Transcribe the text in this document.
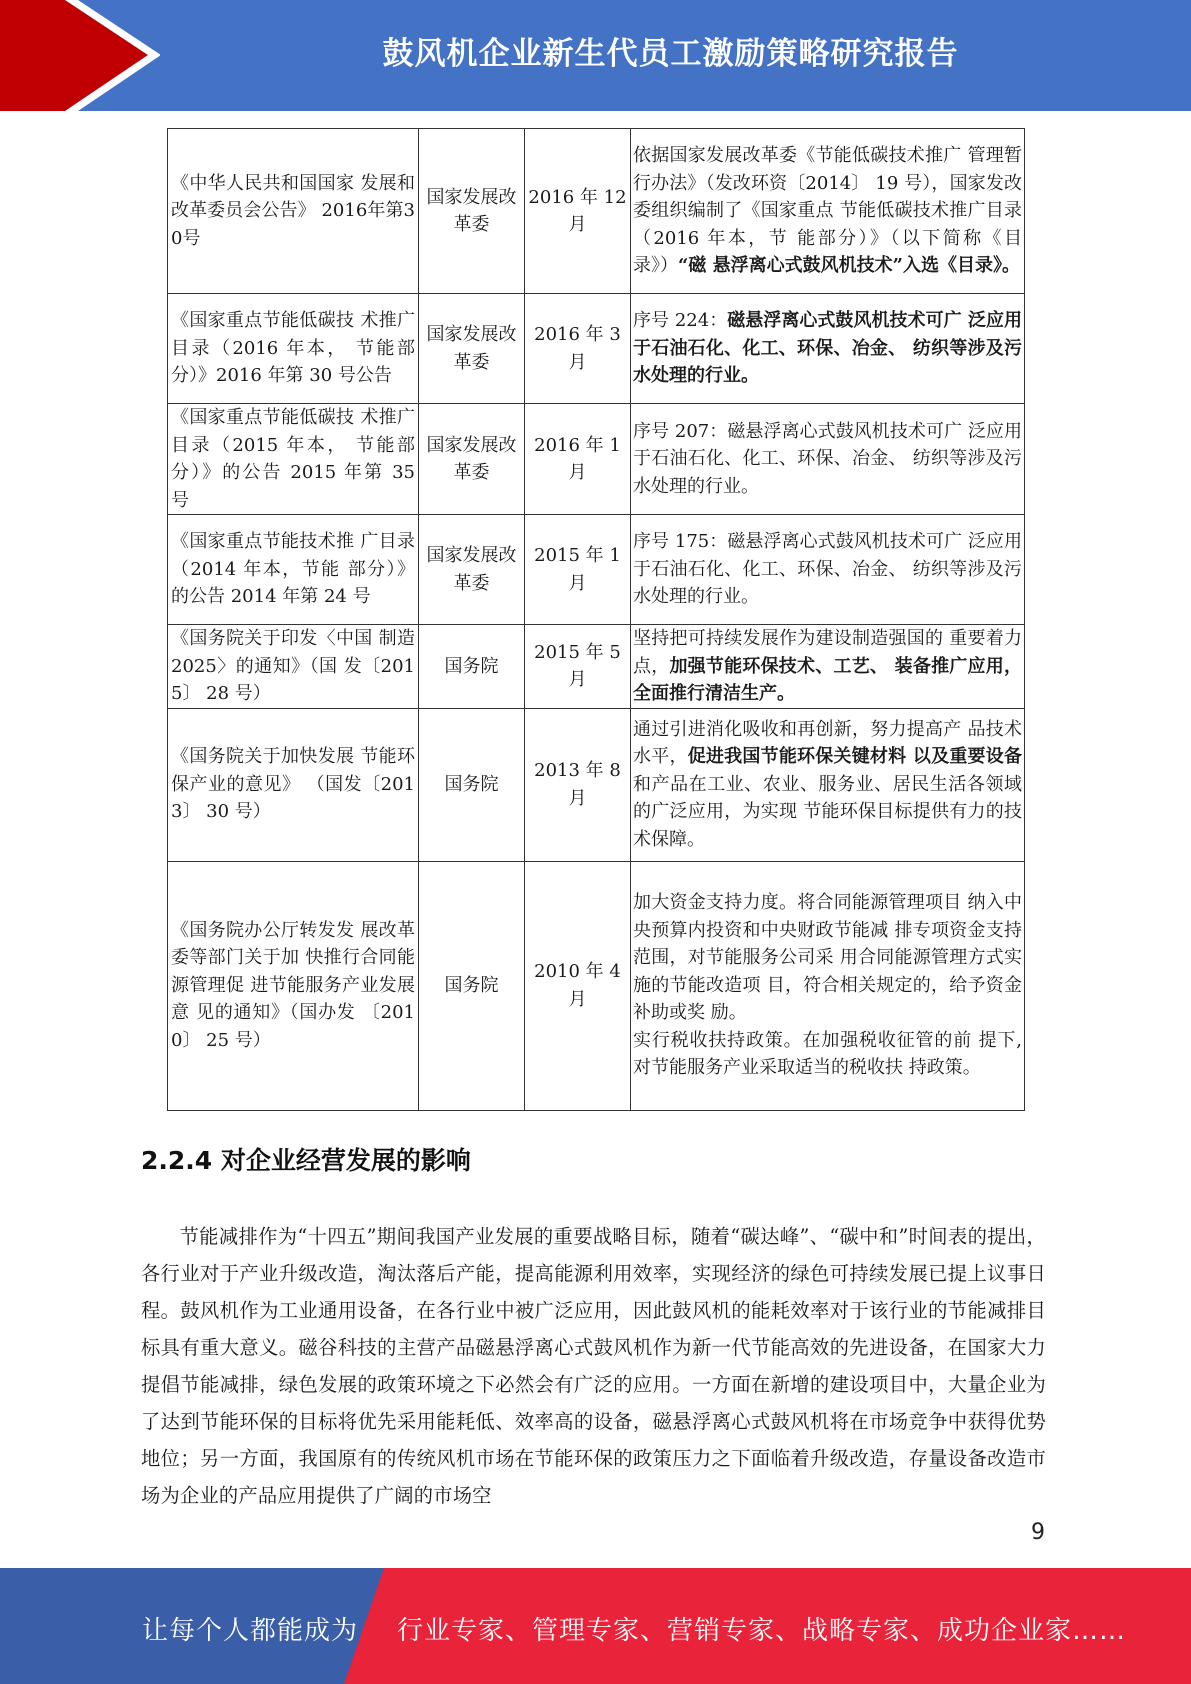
鼓风机企业新生代员工激励策略研究报告
《中华人民共和国国家 发展和改革委员会公告》 2016年第30号	国家发展改革委	2016 年 12 月	依据国家发展改革委《节能低碳技术推广 管理暂行办法》（发改环资〔2014〕 19 号），国家发改委组织编制了《国家重点 节能低碳技术推广目录（2016 年本，节 能部分）》（以下简称《目录》）“磁 悬浮离心式鼓风机技术”入选《目录》。
《国家重点节能低碳技 术推广目录（2016 年本， 节能部分）》2016 年第 30 号公告	国家发展改革委	2016 年 3 月	序号 224：磁悬浮离心式鼓风机技术可广 泛应用于石油石化、化工、环保、冶金、 纺织等涉及污水处理的行业。
《国家重点节能低碳技 术推广目录（2015 年本， 节能部分）》的公告 2015 年第 35 号	国家发展改革委	2016 年 1 月	序号 207：磁悬浮离心式鼓风机技术可广 泛应用于石油石化、化工、环保、冶金、 纺织等涉及污水处理的行业。
《国家重点节能技术推 广目录（2014 年本，节能 部分）》的公告 2014 年第 24 号	国家发展改革委	2015 年 1 月	序号 175：磁悬浮离心式鼓风机技术可广 泛应用于石油石化、化工、环保、冶金、 纺织等涉及污水处理的行业。
《国务院关于印发〈中国 制造 2025〉的通知》（国 发〔2015〕 28 号）	国务院	2015 年 5 月	坚持把可持续发展作为建设制造强国的 重要着力点，加强节能环保技术、工艺、 装备推广应用，全面推行清洁生产。
《国务院关于加快发展 节能环保产业的意见》 （国发〔2013〕 30 号）	国务院	2013 年 8 月	通过引进消化吸收和再创新，努力提高产 品技术水平，促进我国节能环保关键材料 以及重要设备和产品在工业、农业、服务业、居民生活各领域的广泛应用，为实现 节能环保目标提供有力的技术保障。
《国务院办公厅转发发 展改革委等部门关于加 快推行合同能源管理促 进节能服务产业发展意 见的通知》（国办发 〔2010〕 25 号）	国务院	2010 年 4 月	加大资金支持力度。将合同能源管理项目 纳入中央预算内投资和中央财政节能减 排专项资金支持范围，对节能服务公司采 用合同能源管理方式实施的节能改造项 目，符合相关规定的，给予资金补助或奖 励。
实行税收扶持政策。在加强税收征管的前 提下,对节能服务产业采取适当的税收扶 持政策。
2.2.4 对企业经营发展的影响

节能减排作为“十四五”期间我国产业发展的重要战略目标，随着“碳达峰”、“碳中和”时间表的提出，各行业对于产业升级改造，淘汰落后产能，提高能源利用效率，实现经济的绿色可持续发展已提上议事日程。鼓风机作为工业通用设备，在各行业中被广泛应用，因此鼓风机的能耗效率对于该行业的节能减排目标具有重大意义。磁谷科技的主营产品磁悬浮离心式鼓风机作为新一代节能高效的先进设备，在国家大力提倡节能减排，绿色发展的政策环境之下必然会有广泛的应用。一方面在新增的建设项目中，大量企业为了达到节能环保的目标将优先采用能耗低、效率高的设备，磁悬浮离心式鼓风机将在市场竞争中获得优势地位；另一方面，我国原有的传统风机市场在节能环保的政策压力之下面临着升级改造，存量设备改造市场为企业的产品应用提供了广阔的市场空

9
让每个人都能成为 行业专家、管理专家、营销专家、战略专家、成功企业家……
